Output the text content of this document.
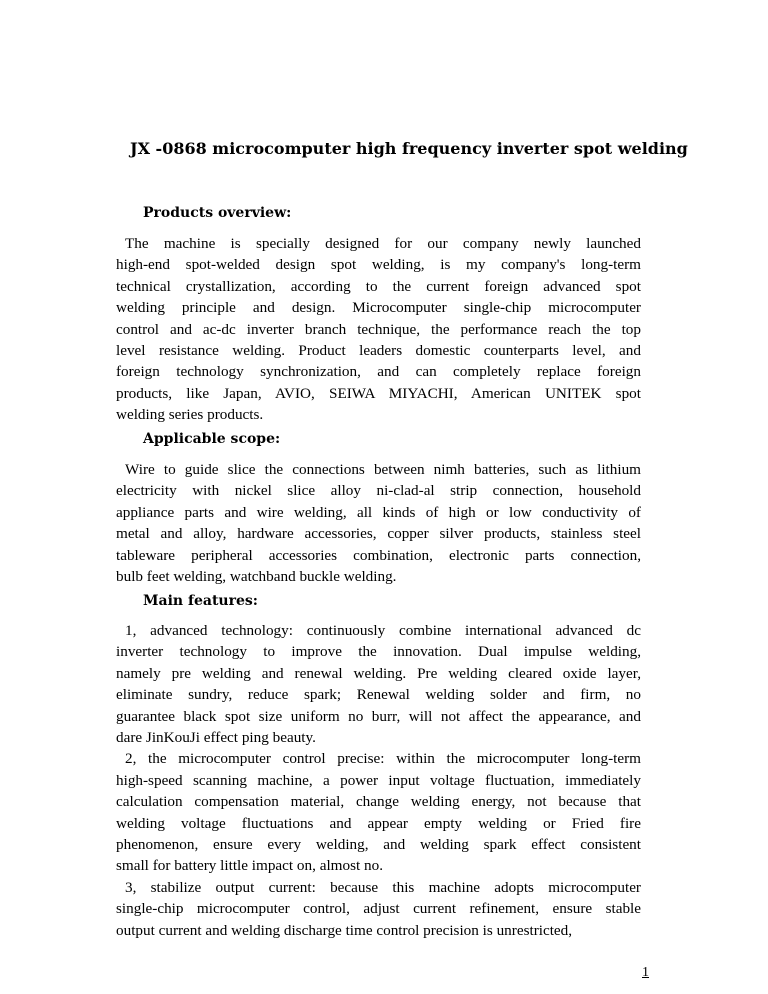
JX -0868 microcomputer high frequency inverter spot welding
Products overview:

The machine is specially designed for our company newly launched
high-end spot-welded design spot welding, is my company's long-term
technical crystallization, according to the current foreign advanced spot
welding principle and design. Microcomputer single-chip microcomputer
control and ac-dc inverter branch technique, the performance reach the top
level resistance welding. Product leaders domestic counterparts level, and
foreign technology synchronization, and can completely replace foreign
products, like Japan, AVIO, SEIWA MIYACHI, American UNITEK spot
welding series products.

Applicable scope:

Wire to guide slice the connections between nimh batteries, such as lithium
electricity with nickel slice alloy ni-clad-al strip connection, household
appliance parts and wire welding, all kinds of high or low conductivity of
metal and alloy, hardware accessories, copper silver products, stainless steel
tableware peripheral accessories combination, electronic parts connection,
bulb feet welding, watchband buckle welding.

Main features:

1, advanced technology: continuously combine international advanced dc
inverter technology to improve the innovation. Dual impulse welding,
namely pre welding and renewal welding. Pre welding cleared oxide layer,
eliminate sundry, reduce spark; Renewal welding solder and firm, no
guarantee black spot size uniform no burr, will not affect the appearance, and
dare JinKouJi effect ping beauty.
2, the microcomputer control precise: within the microcomputer long-term
high-speed scanning machine, a power input voltage fluctuation, immediately
calculation compensation material, change welding energy, not because that
welding voltage fluctuations and appear empty welding or Fried fire
phenomenon, ensure every welding, and welding spark effect consistent
small for battery little impact on, almost no.
3, stabilize output current: because this machine adopts microcomputer
single-chip microcomputer control, adjust current refinement, ensure stable
output current and welding discharge time control precision is unrestricted,

1
